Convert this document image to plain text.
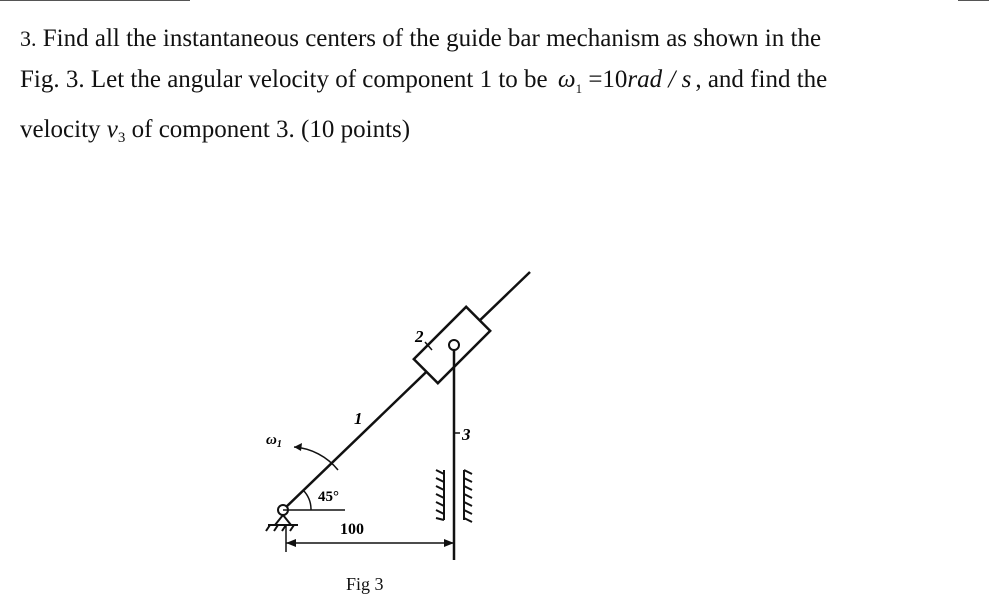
3. Find all the instantaneous centers of the guide bar mechanism as shown in the

Fig. 3. Let the angular velocity of component 1 to be $\omega_1 =10rad / s$ , and find the

velocity $v_3$ of component 3. (10 points)

1
2
3
$\omega_1$
45°
100
Fig 3
